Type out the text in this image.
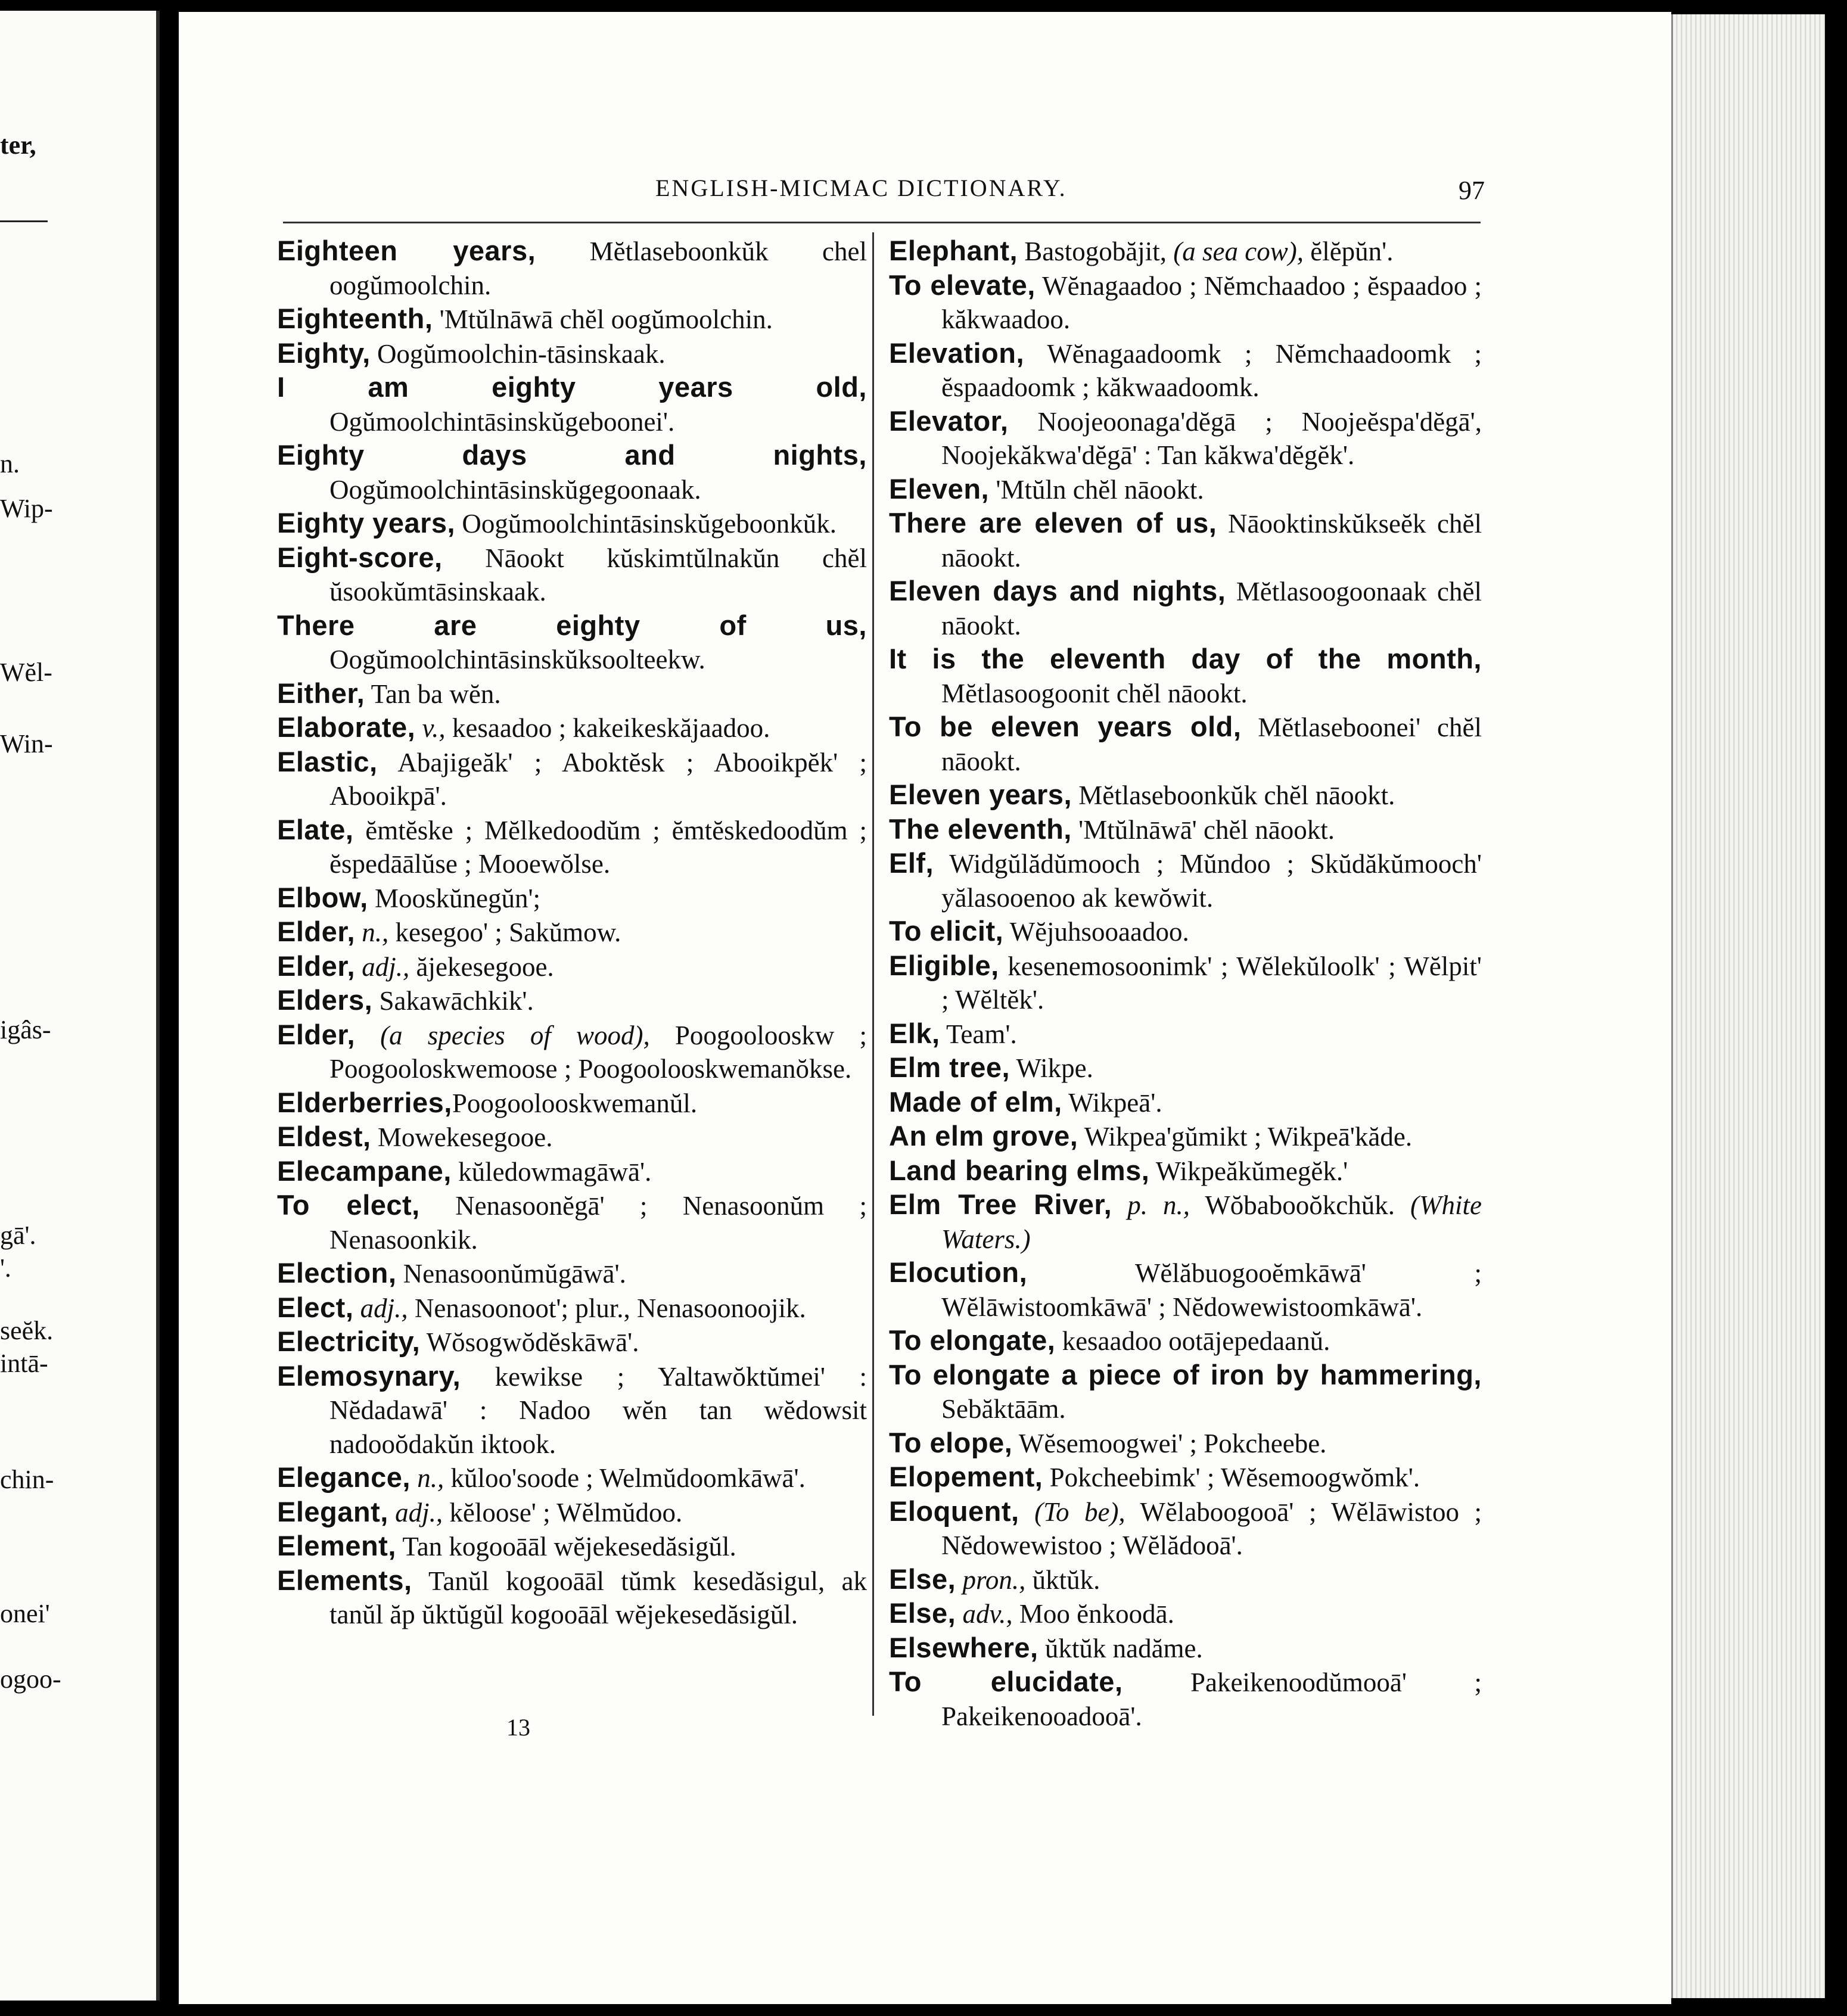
ter,
n.
Wip-
Wĕl-
Win-
igâs-
gā'.
'.
seĕk.
intā-
chin-
onei'
ogoo-
ENGLISH-MICMAC DICTIONARY.	97

Eighteen years, Mĕtlaseboonkŭk chel oogŭmoolchin.

Eighteenth, 'Mtŭlnāwā chĕl oogŭmoolchin.

Eighty, Oogŭmoolchin-tāsinskaak.

I am eighty years old, Ogŭmoolchintāsinskŭgeboonei'.

Eighty days and nights, Oogŭmoolchintāsinskŭgegoonaak.

Eighty years, Oogŭmoolchintāsinskŭgeboonkŭk.

Eight-score, Nāookt kŭskimtŭlnakŭn chĕl ŭsookŭmtāsinskaak.

There are eighty of us, Oogŭmoolchintāsinskŭksoolteekw.

Either, Tan ba wĕn.

Elaborate, v., kesaadoo ; kakeikeskăjaadoo.

Elastic, Abajigeăk' ; Aboktĕsk ; Abooikpĕk' ; Abooikpā'.

Elate, ĕmtĕske ; Mĕlkedoodŭm ; ĕmtĕskedoodŭm ; ĕspedāālŭse ; Mooewŏlse.

Elbow, Mooskŭnegŭn';

Elder, n., kesegoo' ; Sakŭmow.

Elder, adj., ăjekesegooe.

Elders, Sakawāchkik'.

Elder, (a species of wood), Poogoolooskw ; Poogooloskwemoose ; Poogoolooskwemanŏkse.

Elderberries,Poogoolooskwemanŭl.

Eldest, Mowekesegooe.

Elecampane, kŭledowmagāwā'.

To elect, Nenasoonĕgā' ; Nenasoonŭm ; Nenasoonkik.

Election, Nenasoonŭmŭgāwā'.

Elect, adj., Nenasoonoot'; plur., Nenasoonoojik.

Electricity, Wŏsogwŏdĕskāwā'.

Elemosynary, kewikse ; Yaltawŏktŭmei' : Nĕdadawā' : Nadoo wĕn tan wĕdowsit nadooŏdakŭn iktook.

Elegance, n., kŭloo'soode ; Welmŭdoomkāwā'.

Elegant, adj., kĕloose' ; Wĕlmŭdoo.

Element, Tan kogooāāl wĕjekesedăsigŭl.

Elements, Tanŭl kogooāāl tŭmk kesedăsigul, ak tanŭl ăp ŭktŭgŭl kogooāāl wĕjekesedăsigŭl.

Elephant, Bastogobăjit, (a sea cow), ĕlĕpŭn'.

To elevate, Wĕnagaadoo ; Nĕmchaadoo ; ĕspaadoo ; kăkwaadoo.

Elevation, Wĕnagaadoomk ; Nĕmchaadoomk ; ĕspaadoomk ; kăkwaadoomk.

Elevator, Noojeoonaga'dĕgā ; Noojeĕspa'dĕgā', Noojekăkwa'dĕgā' : Tan kăkwa'dĕgĕk'.

Eleven, 'Mtŭln chĕl nāookt.

There are eleven of us, Nāooktinskŭkseĕk chĕl nāookt.

Eleven days and nights, Mĕtlasoogoonaak chĕl nāookt.

It is the eleventh day of the month, Mĕtlasoogoonit chĕl nāookt.

To be eleven years old, Mĕtlaseboonei' chĕl nāookt.

Eleven years, Mĕtlaseboonkŭk chĕl nāookt.

The eleventh, 'Mtŭlnāwā' chĕl nāookt.

Elf, Widgŭlădŭmooch ; Mŭndoo ; Skŭdăkŭmooch' yălasooenoo ak kewŏwit.

To elicit, Wĕjuhsooaadoo.

Eligible, kesenemosoonimk' ; Wĕlekŭloolk' ; Wĕlpit' ; Wĕltĕk'.

Elk, Team'.

Elm tree, Wikpe.

Made of elm, Wikpeā'.

An elm grove, Wikpea'gŭmikt ; Wikpeā'kăde.

Land bearing elms, Wikpeăkŭmegĕk.'

Elm Tree River, p. n., Wŏbabooŏkchŭk. (White Waters.)

Elocution, Wĕlăbuogooĕmkāwā' ; Wĕlāwistoomkāwā' ; Nĕdowewistoomkāwā'.

To elongate, kesaadoo ootājepedaanŭ.

To elongate a piece of iron by hammering, Sebăktāām.

To elope, Wĕsemoogwei' ; Pokcheebe.

Elopement, Pokcheebimk' ; Wĕsemoogwŏmk'.

Eloquent, (To be), Wĕlaboogooā' ; Wĕlāwistoo ; Nĕdowewistoo ; Wĕlădooā'.

Else, pron., ŭktŭk.

Else, adv., Moo ĕnkoodā.

Elsewhere, ŭktŭk nadăme.

To elucidate, Pakeikenoodŭmooā' ; Pakeikenooadooā'.

13
